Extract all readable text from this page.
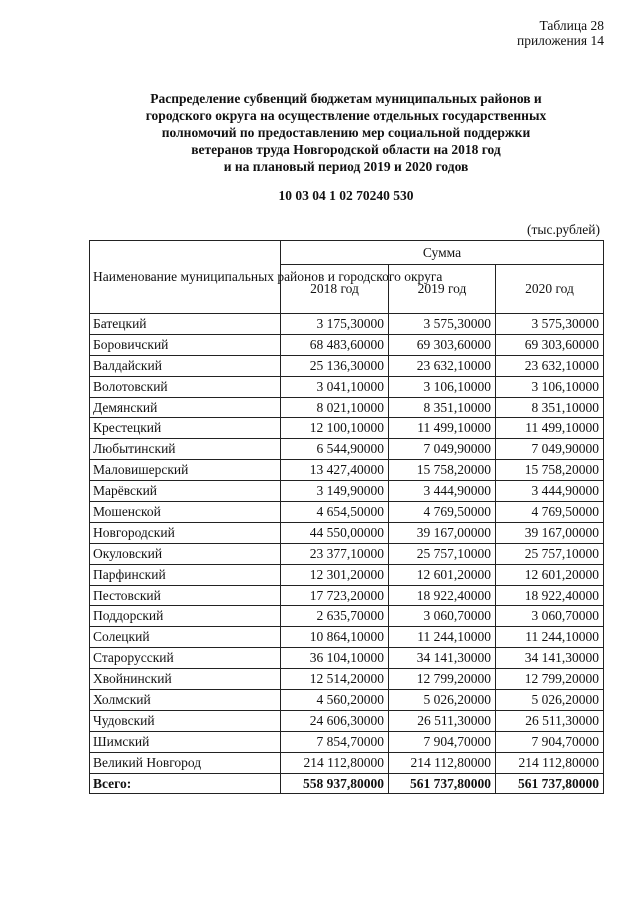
Таблица 28
приложения 14
Распределение субвенций бюджетам муниципальных районов и
городского округа на осуществление отдельных государственных
полномочий по предоставлению мер социальной поддержки
ветеранов труда Новгородской области на 2018 год
и на плановый период 2019 и 2020 годов
10 03 04 1 02 70240 530
(тыс.рублей)
Наименование муниципальных районов и городского округа	Сумма		
	2018 год	2019 год	2020 год
Батецкий	3 175,30000	3 575,30000	3 575,30000
Боровичский	68 483,60000	69 303,60000	69 303,60000
Валдайский	25 136,30000	23 632,10000	23 632,10000
Волотовский	3 041,10000	3 106,10000	3 106,10000
Демянский	8 021,10000	8 351,10000	8 351,10000
Крестецкий	12 100,10000	11 499,10000	11 499,10000
Любытинский	6 544,90000	7 049,90000	7 049,90000
Маловишерский	13 427,40000	15 758,20000	15 758,20000
Марёвский	3 149,90000	3 444,90000	3 444,90000
Мошенской	4 654,50000	4 769,50000	4 769,50000
Новгородский	44 550,00000	39 167,00000	39 167,00000
Окуловский	23 377,10000	25 757,10000	25 757,10000
Парфинский	12 301,20000	12 601,20000	12 601,20000
Пестовский	17 723,20000	18 922,40000	18 922,40000
Поддорский	2 635,70000	3 060,70000	3 060,70000
Солецкий	10 864,10000	11 244,10000	11 244,10000
Старорусский	36 104,10000	34 141,30000	34 141,30000
Хвойнинский	12 514,20000	12 799,20000	12 799,20000
Холмский	4 560,20000	5 026,20000	5 026,20000
Чудовский	24 606,30000	26 511,30000	26 511,30000
Шимский	7 854,70000	7 904,70000	7 904,70000
Великий Новгород	214 112,80000	214 112,80000	214 112,80000
Всего:	558 937,80000	561 737,80000	561 737,80000
